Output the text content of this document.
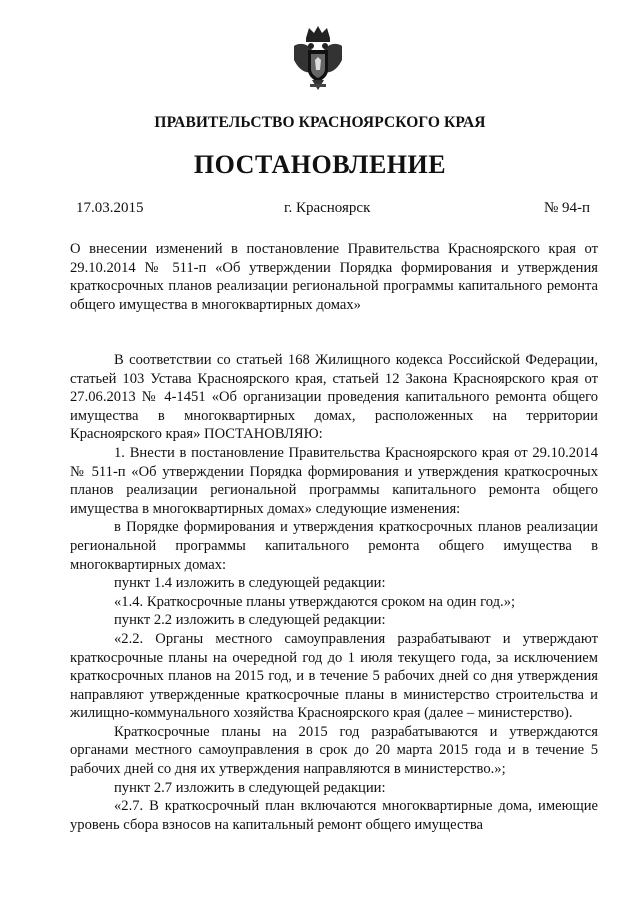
ПРАВИТЕЛЬСТВО КРАСНОЯРСКОГО КРАЯ
ПОСТАНОВЛЕНИЕ
17.03.2015	г. Красноярск	№ 94-п
О внесении изменений в постановление Правительства Красноярского края от 29.10.2014 № 511-п «Об утверждении Порядка формирования и утверждения краткосрочных планов реализации региональной программы капитального ремонта общего имущества в многоквартирных домах»

В соответствии со статьей 168 Жилищного кодекса Российской Федерации, статьей 103 Устава Красноярского края, статьей 12 Закона Красноярского края от 27.06.2013 № 4-1451 «Об организации проведения капитального ремонта общего имущества в многоквартирных домах, расположенных на территории Красноярского края» ПОСТАНОВЛЯЮ:

1. Внести в постановление Правительства Красноярского края от 29.10.2014 № 511-п «Об утверждении Порядка формирования и утверждения краткосрочных планов реализации региональной программы капитального ремонта общего имущества в многоквартирных домах» следующие изменения:

в Порядке формирования и утверждения краткосрочных планов реализации региональной программы капитального ремонта общего имущества в многоквартирных домах:

пункт 1.4 изложить в следующей редакции:

«1.4. Краткосрочные планы утверждаются сроком на один год.»;

пункт 2.2 изложить в следующей редакции:

«2.2. Органы местного самоуправления разрабатывают и утверждают краткосрочные планы на очередной год до 1 июля текущего года, за исключением краткосрочных планов на 2015 год, и в течение 5 рабочих дней со дня утверждения направляют утвержденные краткосрочные планы в министерство строительства и жилищно-коммунального хозяйства Красноярского края (далее – министерство).

Краткосрочные планы на 2015 год разрабатываются и утверждаются органами местного самоуправления в срок до 20 марта 2015 года и в течение 5 рабочих дней со дня их утверждения направляются в министерство.»;

пункт 2.7 изложить в следующей редакции:

«2.7. В краткосрочный план включаются многоквартирные дома, имеющие уровень сбора взносов на капитальный ремонт общего имущества
